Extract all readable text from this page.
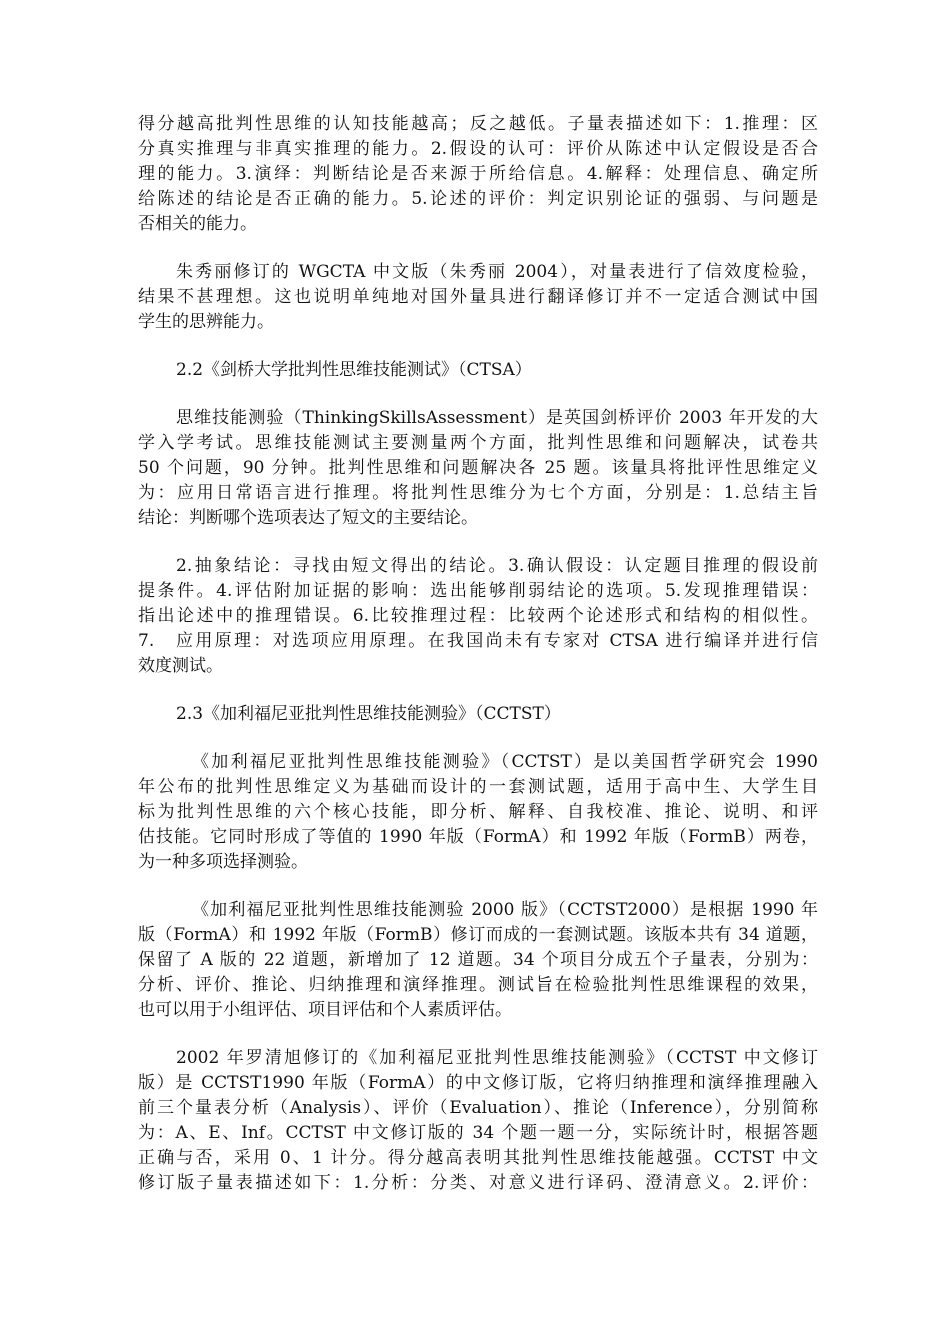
得分越高批判性思维的认知技能越高；反之越低。子量表描述如下：1.推理：区
分真实推理与非真实推理的能力。2.假设的认可：评价从陈述中认定假设是否合
理的能力。3.演绎：判断结论是否来源于所给信息。4.解释：处理信息、确定所
给陈述的结论是否正确的能力。5.论述的评价：判定识别论证的强弱、与问题是
否相关的能力。
朱秀丽修订的 WGCTA 中文版（朱秀丽 2004），对量表进行了信效度检验，
结果不甚理想。这也说明单纯地对国外量具进行翻译修订并不一定适合测试中国
学生的思辨能力。
2.2《剑桥大学批判性思维技能测试》（CTSA）
思维技能测验（ThinkingSkillsAssessment）是英国剑桥评价 2003 年开发的大
学入学考试。思维技能测试主要测量两个方面，批判性思维和问题解决，试卷共
50 个问题，90 分钟。批判性思维和问题解决各 25 题。该量具将批评性思维定义
为：应用日常语言进行推理。将批判性思维分为七个方面，分别是：1.总结主旨
结论：判断哪个选项表达了短文的主要结论。
2.抽象结论：寻找由短文得出的结论。3.确认假设：认定题目推理的假设前
提条件。4.评估附加证据的影响：选出能够削弱结论的选项。5.发现推理错误：
指出论述中的推理错误。6.比较推理过程：比较两个论述形式和结构的相似性。
7.	应用原理：对选项应用原理。在我国尚未有专家对 CTSA 进行编译并进行信
效度测试。
2.3《加利福尼亚批判性思维技能测验》（CCTST）
《加利福尼亚批判性思维技能测验》（CCTST）是以美国哲学研究会 1990
年公布的批判性思维定义为基础而设计的一套测试题，适用于高中生、大学生目
标为批判性思维的六个核心技能，即分析、解释、自我校准、推论、说明、和评
估技能。它同时形成了等值的 1990 年版（FormA）和 1992 年版（FormB）两卷，
为一种多项选择测验。
《加利福尼亚批判性思维技能测验 2000 版》（CCTST2000）是根据 1990 年
版（FormA）和 1992 年版（FormB）修订而成的一套测试题。该版本共有 34 道题，
保留了 A 版的 22 道题，新增加了 12 道题。34 个项目分成五个子量表，分别为：
分析、评价、推论、归纳推理和演绎推理。测试旨在检验批判性思维课程的效果，
也可以用于小组评估、项目评估和个人素质评估。
2002 年罗清旭修订的《加利福尼亚批判性思维技能测验》（CCTST 中文修订
版）是 CCTST1990 年版（FormA）的中文修订版，它将归纳推理和演绎推理融入
前三个量表分析（Analysis）、评价（Evaluation）、推论（Inference），分别简称
为：A、E、Inf。CCTST 中文修订版的 34 个题一题一分，实际统计时，根据答题
正确与否，采用 0、1 计分。得分越高表明其批判性思维技能越强。CCTST 中文
修订版子量表描述如下：1.分析：分类、对意义进行译码、澄清意义。2.评价：
